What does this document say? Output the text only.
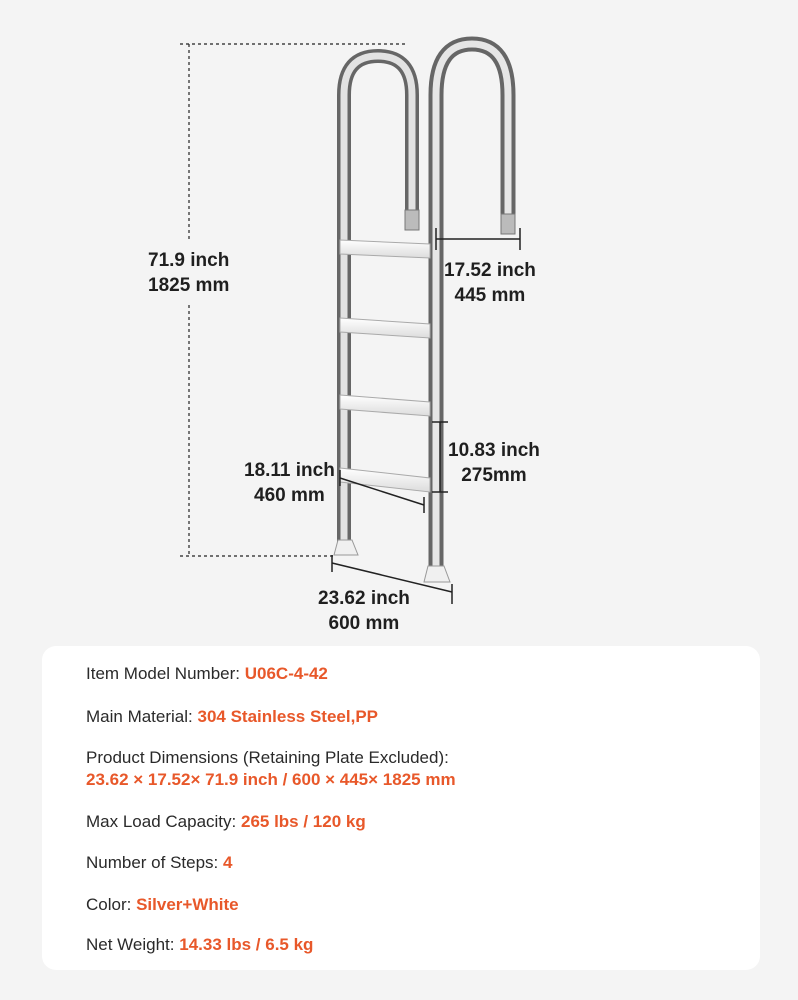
71.9 inch
1825 mm
17.52 inch
445 mm
10.83 inch
275mm
18.11 inch
460 mm
23.62 inch
600 mm
Item Model Number: U06C-4-42
Main Material: 304 Stainless Steel,PP
Product Dimensions (Retaining Plate Excluded):
23.62 × 17.52× 71.9 inch / 600 × 445× 1825 mm
Max Load Capacity: 265 lbs / 120 kg
Number of Steps: 4
Color: Silver+White
Net Weight: 14.33 lbs / 6.5 kg
